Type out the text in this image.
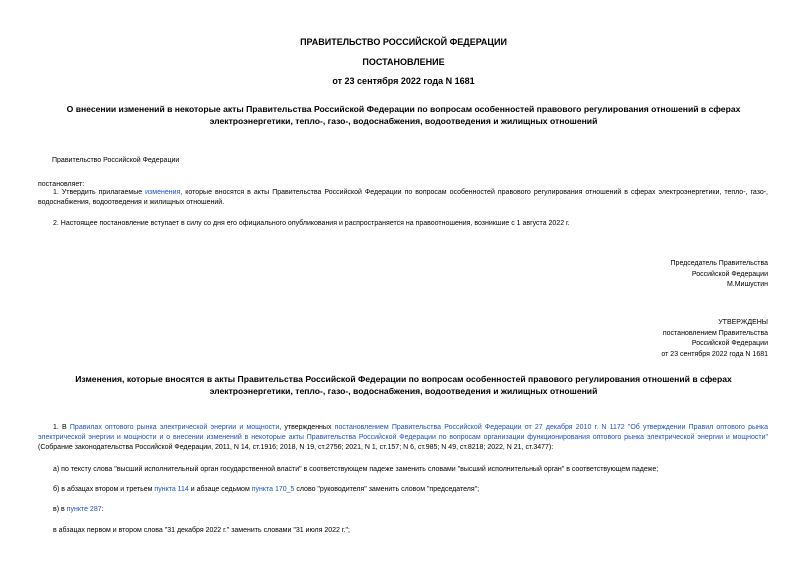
ПРАВИТЕЛЬСТВО РОССИЙСКОЙ ФЕДЕРАЦИИ
ПОСТАНОВЛЕНИЕ
от 23 сентября 2022 года N 1681
О внесении изменений в некоторые акты Правительства Российской Федерации по вопросам особенностей правового регулирования отношений в сферах электроэнергетики, тепло-, газо-, водоснабжения, водоотведения и жилищных отношений
Правительство Российской Федерации
постановляет:
1. Утвердить прилагаемые изменения, которые вносятся в акты Правительства Российской Федерации по вопросам особенностей правового регулирования отношений в сферах электроэнергетики, тепло-, газо-, водоснабжения, водоотведения и жилищных отношений.
2. Настоящее постановление вступает в силу со дня его официального опубликования и распространяется на правоотношения, возникшие с 1 августа 2022 г.
Председатель Правительства
Российской Федерации
М.Мишустин
УТВЕРЖДЕНЫ
постановлением Правительства
Российской Федерации
от 23 сентября 2022 года N 1681
Изменения, которые вносятся в акты Правительства Российской Федерации по вопросам особенностей правового регулирования отношений в сферах электроэнергетики, тепло-, газо-, водоснабжения, водоотведения и жилищных отношений
1. В Правилах оптового рынка электрической энергии и мощности, утвержденных постановлением Правительства Российской Федерации от 27 декабря 2010 г. N 1172 "Об утверждении Правил оптового рынка электрической энергии и мощности и о внесении изменений в некоторые акты Правительства Российской Федерации по вопросам организации функционирования оптового рынка электрической энергии и мощности" (Собрание законодательства Российской Федерации, 2011, N 14, ст.1916; 2018, N 19, ст.2756; 2021, N 1, ст.157; N 6, ст.985; N 49, ст.8218; 2022, N 21, ст.3477):
а) по тексту слова "высший исполнительный орган государственной власти" в соответствующем падеже заменить словами "высший исполнительный орган" в соответствующем падеже;
б) в абзацах втором и третьем пункта 114 и абзаце седьмом пункта 170_5 слово "руководителя" заменить словом "председателя";
в) в пункте 287:
в абзацах первом и втором слова "31 декабря 2022 г." заменить словами "31 июля 2022 г.";
